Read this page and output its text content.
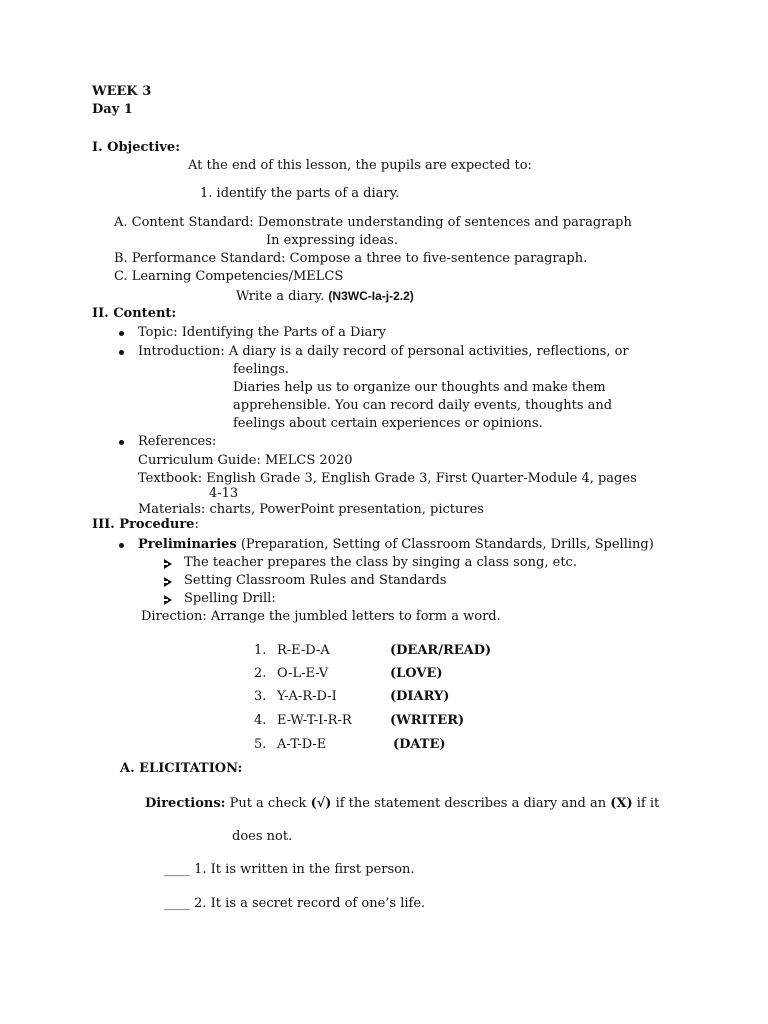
WEEK 3
Day 1
I. Objective:
At the end of this lesson, the pupils are expected to:
1. identify the parts of a diary.
A. Content Standard: Demonstrate understanding of sentences and paragraph
In expressing ideas.
B. Performance Standard: Compose a three to five-sentence paragraph.
C. Learning Competencies/MELCS
Write a diary. (N3WC-Ia-j-2.2)
II. Content:
Topic: Identifying the Parts of a Diary
Introduction: A diary is a daily record of personal activities, reflections, or
feelings.
Diaries help us to organize our thoughts and make them
apprehensible. You can record daily events, thoughts and
feelings about certain experiences or opinions.
References:
Curriculum Guide: MELCS 2020
Textbook: English Grade 3, English Grade 3, First Quarter-Module 4, pages
4-13
Materials: charts, PowerPoint presentation, pictures
III. Procedure:
Preliminaries (Preparation, Setting of Classroom Standards, Drills, Spelling)
The teacher prepares the class by singing a class song, etc.
Setting Classroom Rules and Standards
Spelling Drill:
Direction: Arrange the jumbled letters to form a word.
1. R-E-D-A	(DEAR/READ)
2. O-L-E-V	(LOVE)
3. Y-A-R-D-I	(DIARY)
4. E-W-T-I-R-R	(WRITER)
5. A-T-D-E	(DATE)
A. ELICITATION:
Directions: Put a check (√) if the statement describes a diary and an (X) if it
does not.
____ 1. It is written in the first person.
____ 2. It is a secret record of one’s life.
